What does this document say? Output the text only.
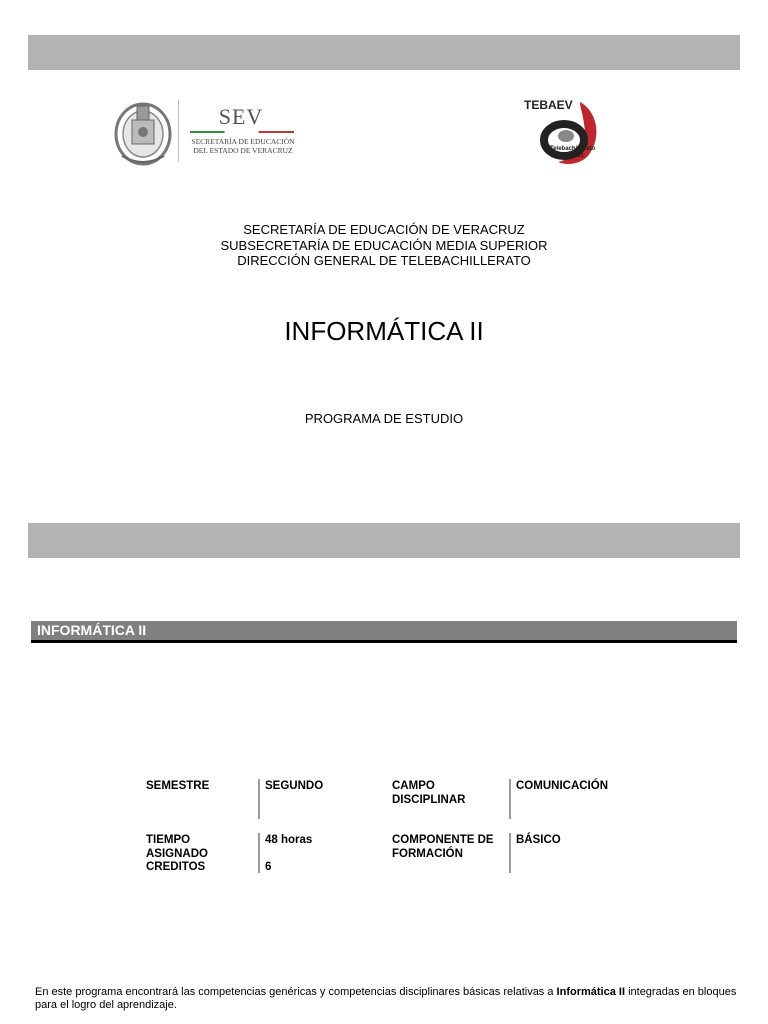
SEV
SECRETARÍA DE EDUCACIÓN
DEL ESTADO DE VERACRUZ
TEBAEV
Telebachillerato
de Veracruz
SECRETARÍA DE EDUCACIÓN DE VERACRUZ
SUBSECRETARÍA DE EDUCACIÓN MEDIA SUPERIOR
DIRECCIÓN GENERAL DE TELEBACHILLERATO
INFORMÁTICA II
PROGRAMA DE ESTUDIO
INFORMÁTICA II
SEMESTRE	SEGUNDO	CAMPO
DISCIPLINAR
COMUNICACIÓN
TIEMPO
ASIGNADO
CREDITOS
48 horas
6
COMPONENTE DE
FORMACIÓN
BÁSICO
En este programa encontrará las competencias genéricas y competencias disciplinares básicas relativas a Informática II integradas en bloques para el logro del aprendizaje.
